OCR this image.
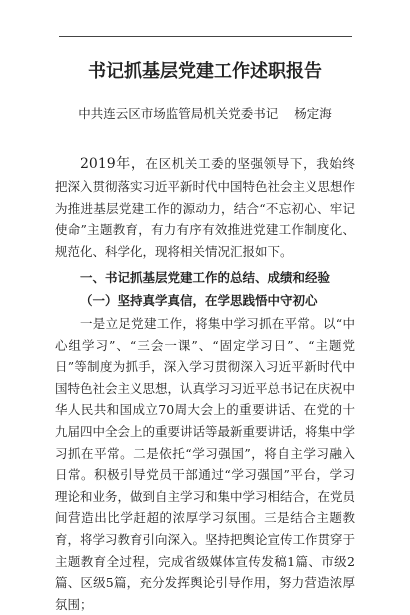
书记抓基层党建工作述职报告
中共连云区市场监管局机关党委书记    杨定海

2019年，在区机关工委的坚强领导下，我始终把深入贯彻落实习近平新时代中国特色社会主义思想作为推进基层党建工作的源动力，结合“不忘初心、牢记使命”主题教育，有力有序有效推进党建工作制度化、规范化、科学化，现将相关情况汇报如下。

一、书记抓基层党建工作的总结、成绩和经验
（一）坚持真学真信，在学思践悟中守初心

一是立足党建工作，将集中学习抓在平常。以“中心组学习”、“三会一课”、“固定学习日”、“主题党日”等制度为抓手，深入学习贯彻深入习近平新时代中国特色社会主义思想，认真学习习近平总书记在庆祝中华人民共和国成立70周大会上的重要讲话、在党的十九届四中全会上的重要讲话等最新重要讲话，将集中学习抓在平常。二是依托“学习强国”，将自主学习融入日常。积极引导党员干部通过“学习强国”平台，学习理论和业务，做到自主学习和集中学习相结合，在党员间营造出比学赶超的浓厚学习氛围。三是结合主题教育，将学习教育引向深入。坚持把舆论宣传工作贯穿于主题教育全过程，完成省级媒体宣传发稿1篇、市级2篇、区级5篇，充分发挥舆论引导作用，努力营造浓厚氛围；
